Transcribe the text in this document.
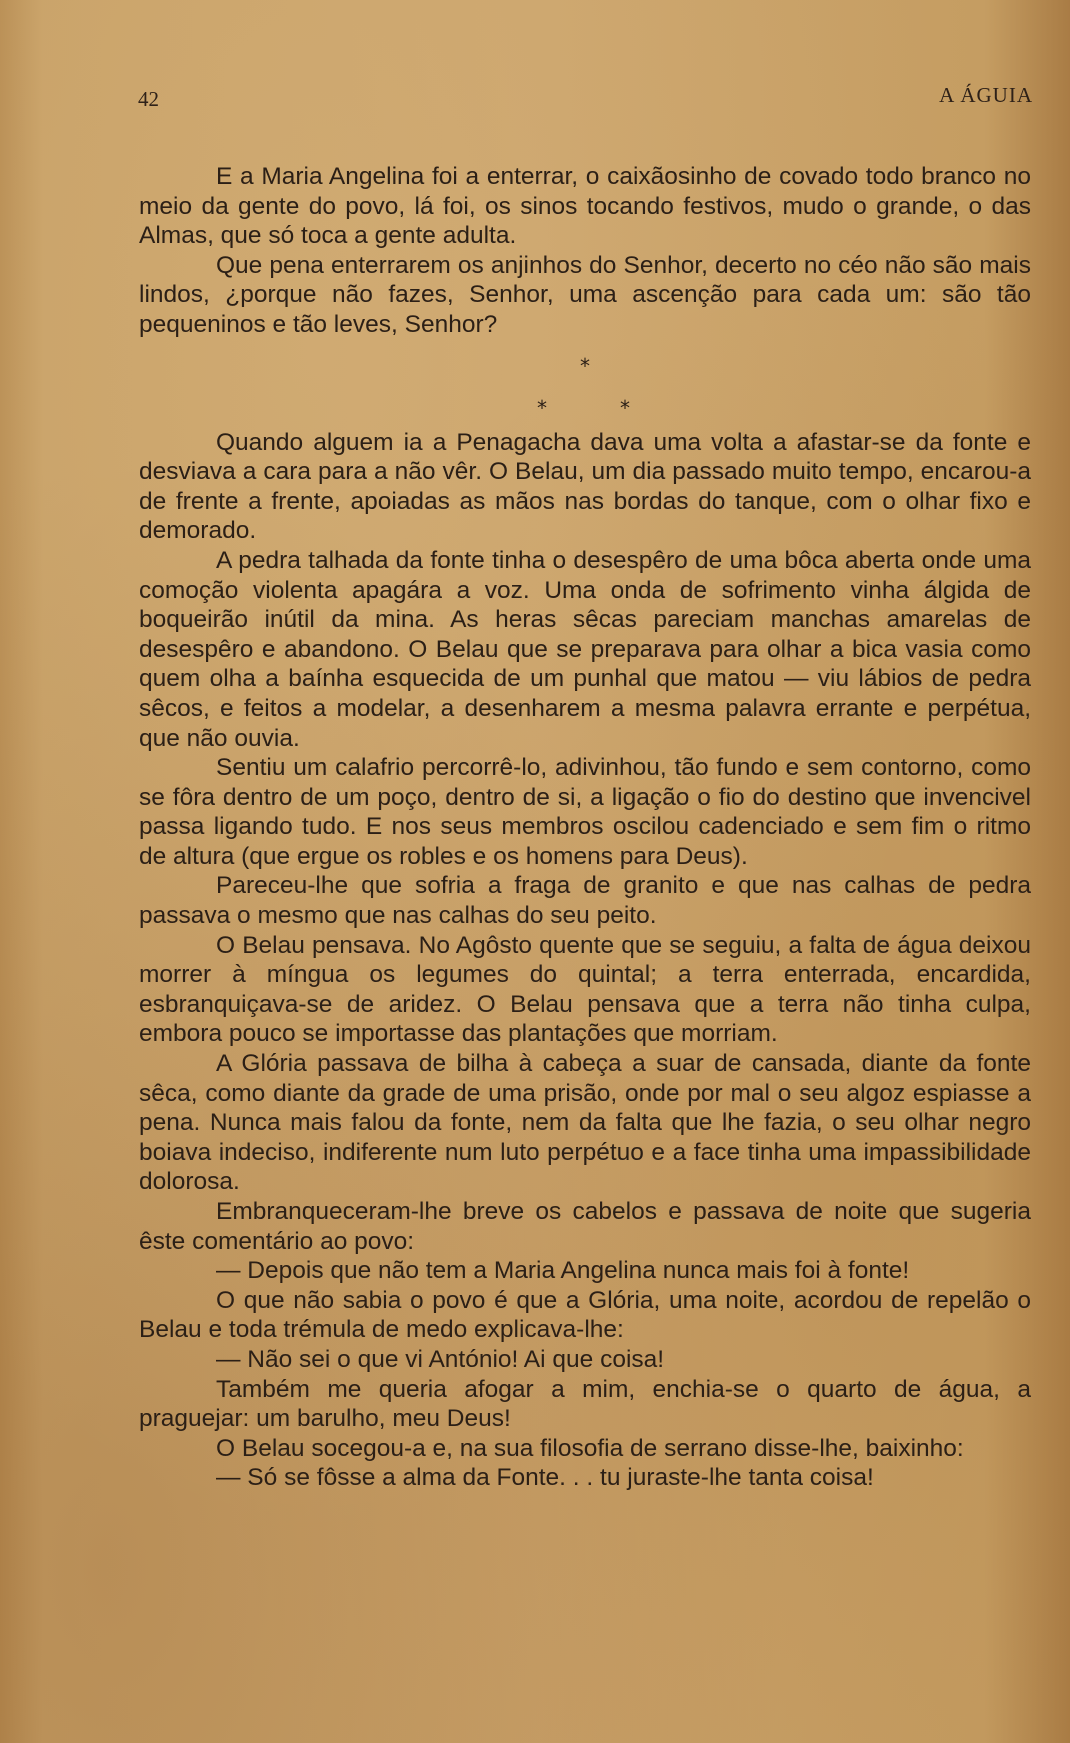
42	A ÁGUIA

E a Maria Angelina foi a enterrar, o caixãosinho de covado todo branco no meio da gente do povo, lá foi, os sinos tocando festivos, mudo o grande, o das Almas, que só toca a gente adulta.

Que pena enterrarem os anjinhos do Senhor, decerto no céo não são mais lindos, ¿porque não fazes, Senhor, uma ascenção para cada um: são tão pequeninos e tão leves, Senhor?

*
*	*

Quando alguem ia a Penagacha dava uma volta a afastar-se da fonte e desviava a cara para a não vêr. O Belau, um dia passado muito tempo, encarou-a de frente a frente, apoiadas as mãos nas bordas do tanque, com o olhar fixo e demorado.

A pedra talhada da fonte tinha o desespêro de uma bôca aberta onde uma comoção violenta apagára a voz. Uma onda de sofrimento vinha álgida de boqueirão inútil da mina. As heras sêcas pareciam manchas amarelas de desespêro e abandono. O Belau que se preparava para olhar a bica vasia como quem olha a baínha esquecida de um punhal que matou — viu lábios de pedra sêcos, e feitos a modelar, a desenharem a mesma palavra errante e perpétua, que não ouvia.

Sentiu um calafrio percorrê-lo, adivinhou, tão fundo e sem contorno, como se fôra dentro de um poço, dentro de si, a ligação o fio do destino que invencivel passa ligando tudo. E nos seus membros oscilou cadenciado e sem fim o ritmo de altura (que ergue os robles e os homens para Deus).

Pareceu-lhe que sofria a fraga de granito e que nas calhas de pedra passava o mesmo que nas calhas do seu peito.

O Belau pensava. No Agôsto quente que se seguiu, a falta de água deixou morrer à míngua os legumes do quintal; a terra enterrada, encardida, esbranquiçava-se de aridez. O Belau pensava que a terra não tinha culpa, embora pouco se importasse das plantações que morriam.

A Glória passava de bilha à cabeça a suar de cansada, diante da fonte sêca, como diante da grade de uma prisão, onde por mal o seu algoz espiasse a pena. Nunca mais falou da fonte, nem da falta que lhe fazia, o seu olhar negro boiava indeciso, indiferente num luto perpétuo e a face tinha uma impassibilidade dolorosa.

Embranqueceram-lhe breve os cabelos e passava de noite que sugeria êste comentário ao povo:

— Depois que não tem a Maria Angelina nunca mais foi à fonte!

O que não sabia o povo é que a Glória, uma noite, acordou de repelão o Belau e toda trémula de medo explicava-lhe:

— Não sei o que vi António! Ai que coisa!

Também me queria afogar a mim, enchia-se o quarto de água, a praguejar: um barulho, meu Deus!

O Belau socegou-a e, na sua filosofia de serrano disse-lhe, baixinho:

— Só se fôsse a alma da Fonte. . . tu juraste-lhe tanta coisa!
